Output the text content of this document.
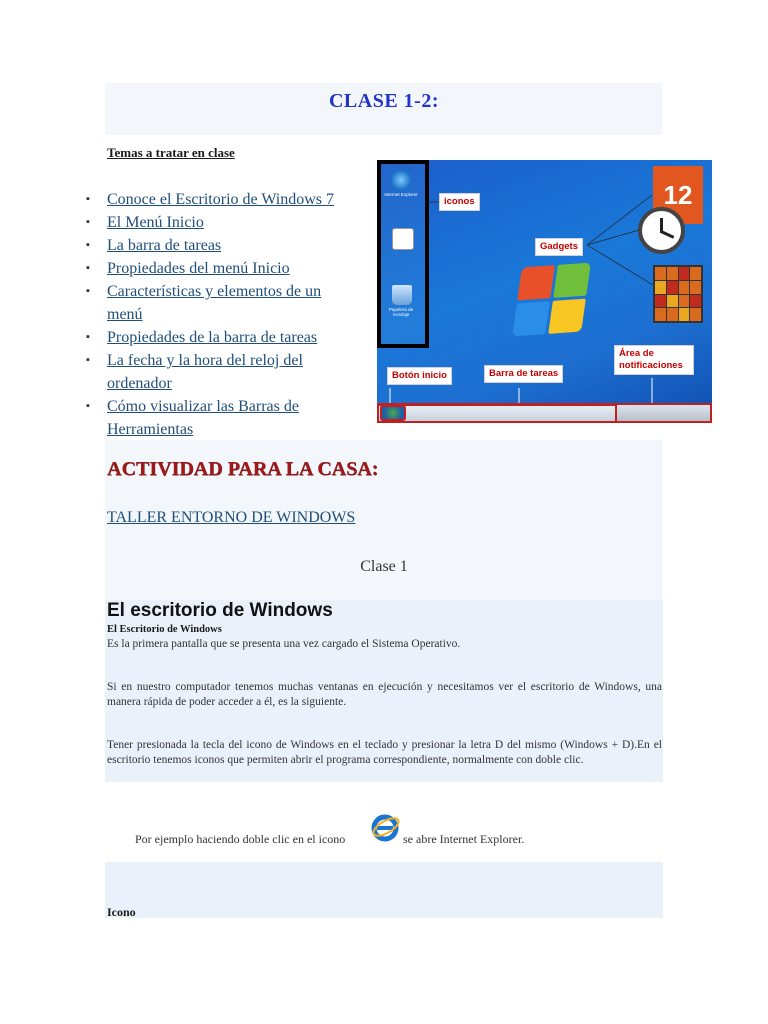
CLASE 1-2:
Temas a tratar en clase
▪ Conoce el Escritorio de Windows 7
▪ El Menú Inicio
▪ La barra de tareas
▪ Propiedades del menú Inicio
▪ Características y elementos de un menú
▪ Propiedades de la barra de tareas
▪ La fecha y la hora del reloj del ordenador
▪ Cómo visualizar las Barras de Herramientas
Internet Explorer
Papelera de reciclaje
12
iconos
Gadgets
Botón inicio	Barra de tareas
Área de notificaciones
ACTIVIDAD PARA LA CASA:
TALLER ENTORNO DE WINDOWS
Clase 1
El escritorio de Windows
El Escritorio de Windows
Es la primera pantalla que se presenta una vez cargado el Sistema Operativo.
Si en nuestro computador tenemos muchas ventanas en ejecución y necesitamos ver el escritorio de Windows, una manera rápida de poder acceder a él, es la siguiente.
Tener presionada la tecla del icono de Windows en el teclado y presionar la letra D del mismo (Windows + D).En el escritorio tenemos iconos que permiten abrir el programa correspondiente, normalmente con doble clic.
Por ejemplo haciendo doble clic en el icono	se abre Internet Explorer.
Icono
